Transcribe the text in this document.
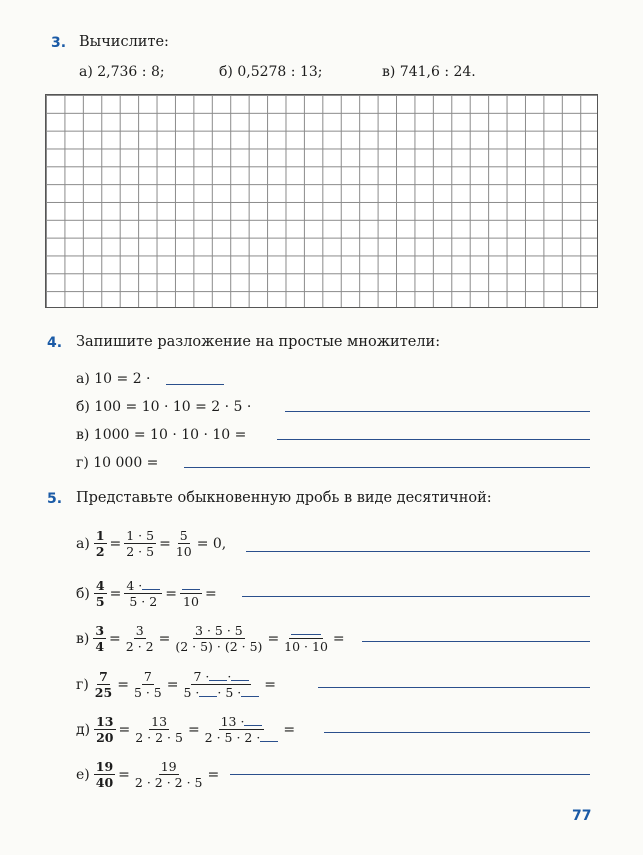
3. Вычислите:
а) 2,736 : 8;	б) 0,5278 : 13;	в) 741,6 : 24.
4. Запишите разложение на простые множители:
а) 10 = 2 ·
б) 100 = 10 · 10 = 2 · 5 ·
в) 1000 = 10 · 10 · 10 =
г) 10 000 =
5. Представьте обыкновенную дробь в виде десятичной:
$а) \frac{1}{2} = \frac{1 \cdot 5}{2 \cdot 5} = \frac{5}{10} = 0$,
$б) \frac{4}{5} = \frac{4 \cdot}{5 \cdot 2} = 10$ =
$в) \frac{3}{4} = \frac{3}{2 \cdot 2} = \frac{3 \cdot 5 \cdot 5}{(2 \cdot 5) \cdot (2 \cdot 5)} = 10 \cdot 10$ =
$г) \frac{7}{25} = \frac{7}{5 \cdot 5} = \frac{7 \cdot \cdot}{5 \cdot \cdot 5 \cdot}$ =
$д) \frac{13}{20} = \frac{13}{2 \cdot 2 \cdot 5} = \frac{13 \cdot}{2 \cdot 5 \cdot 2 \cdot}$ =
$е) \frac{19}{40} = \frac{19}{2 \cdot 2 \cdot 2 \cdot 5}$ =
77
